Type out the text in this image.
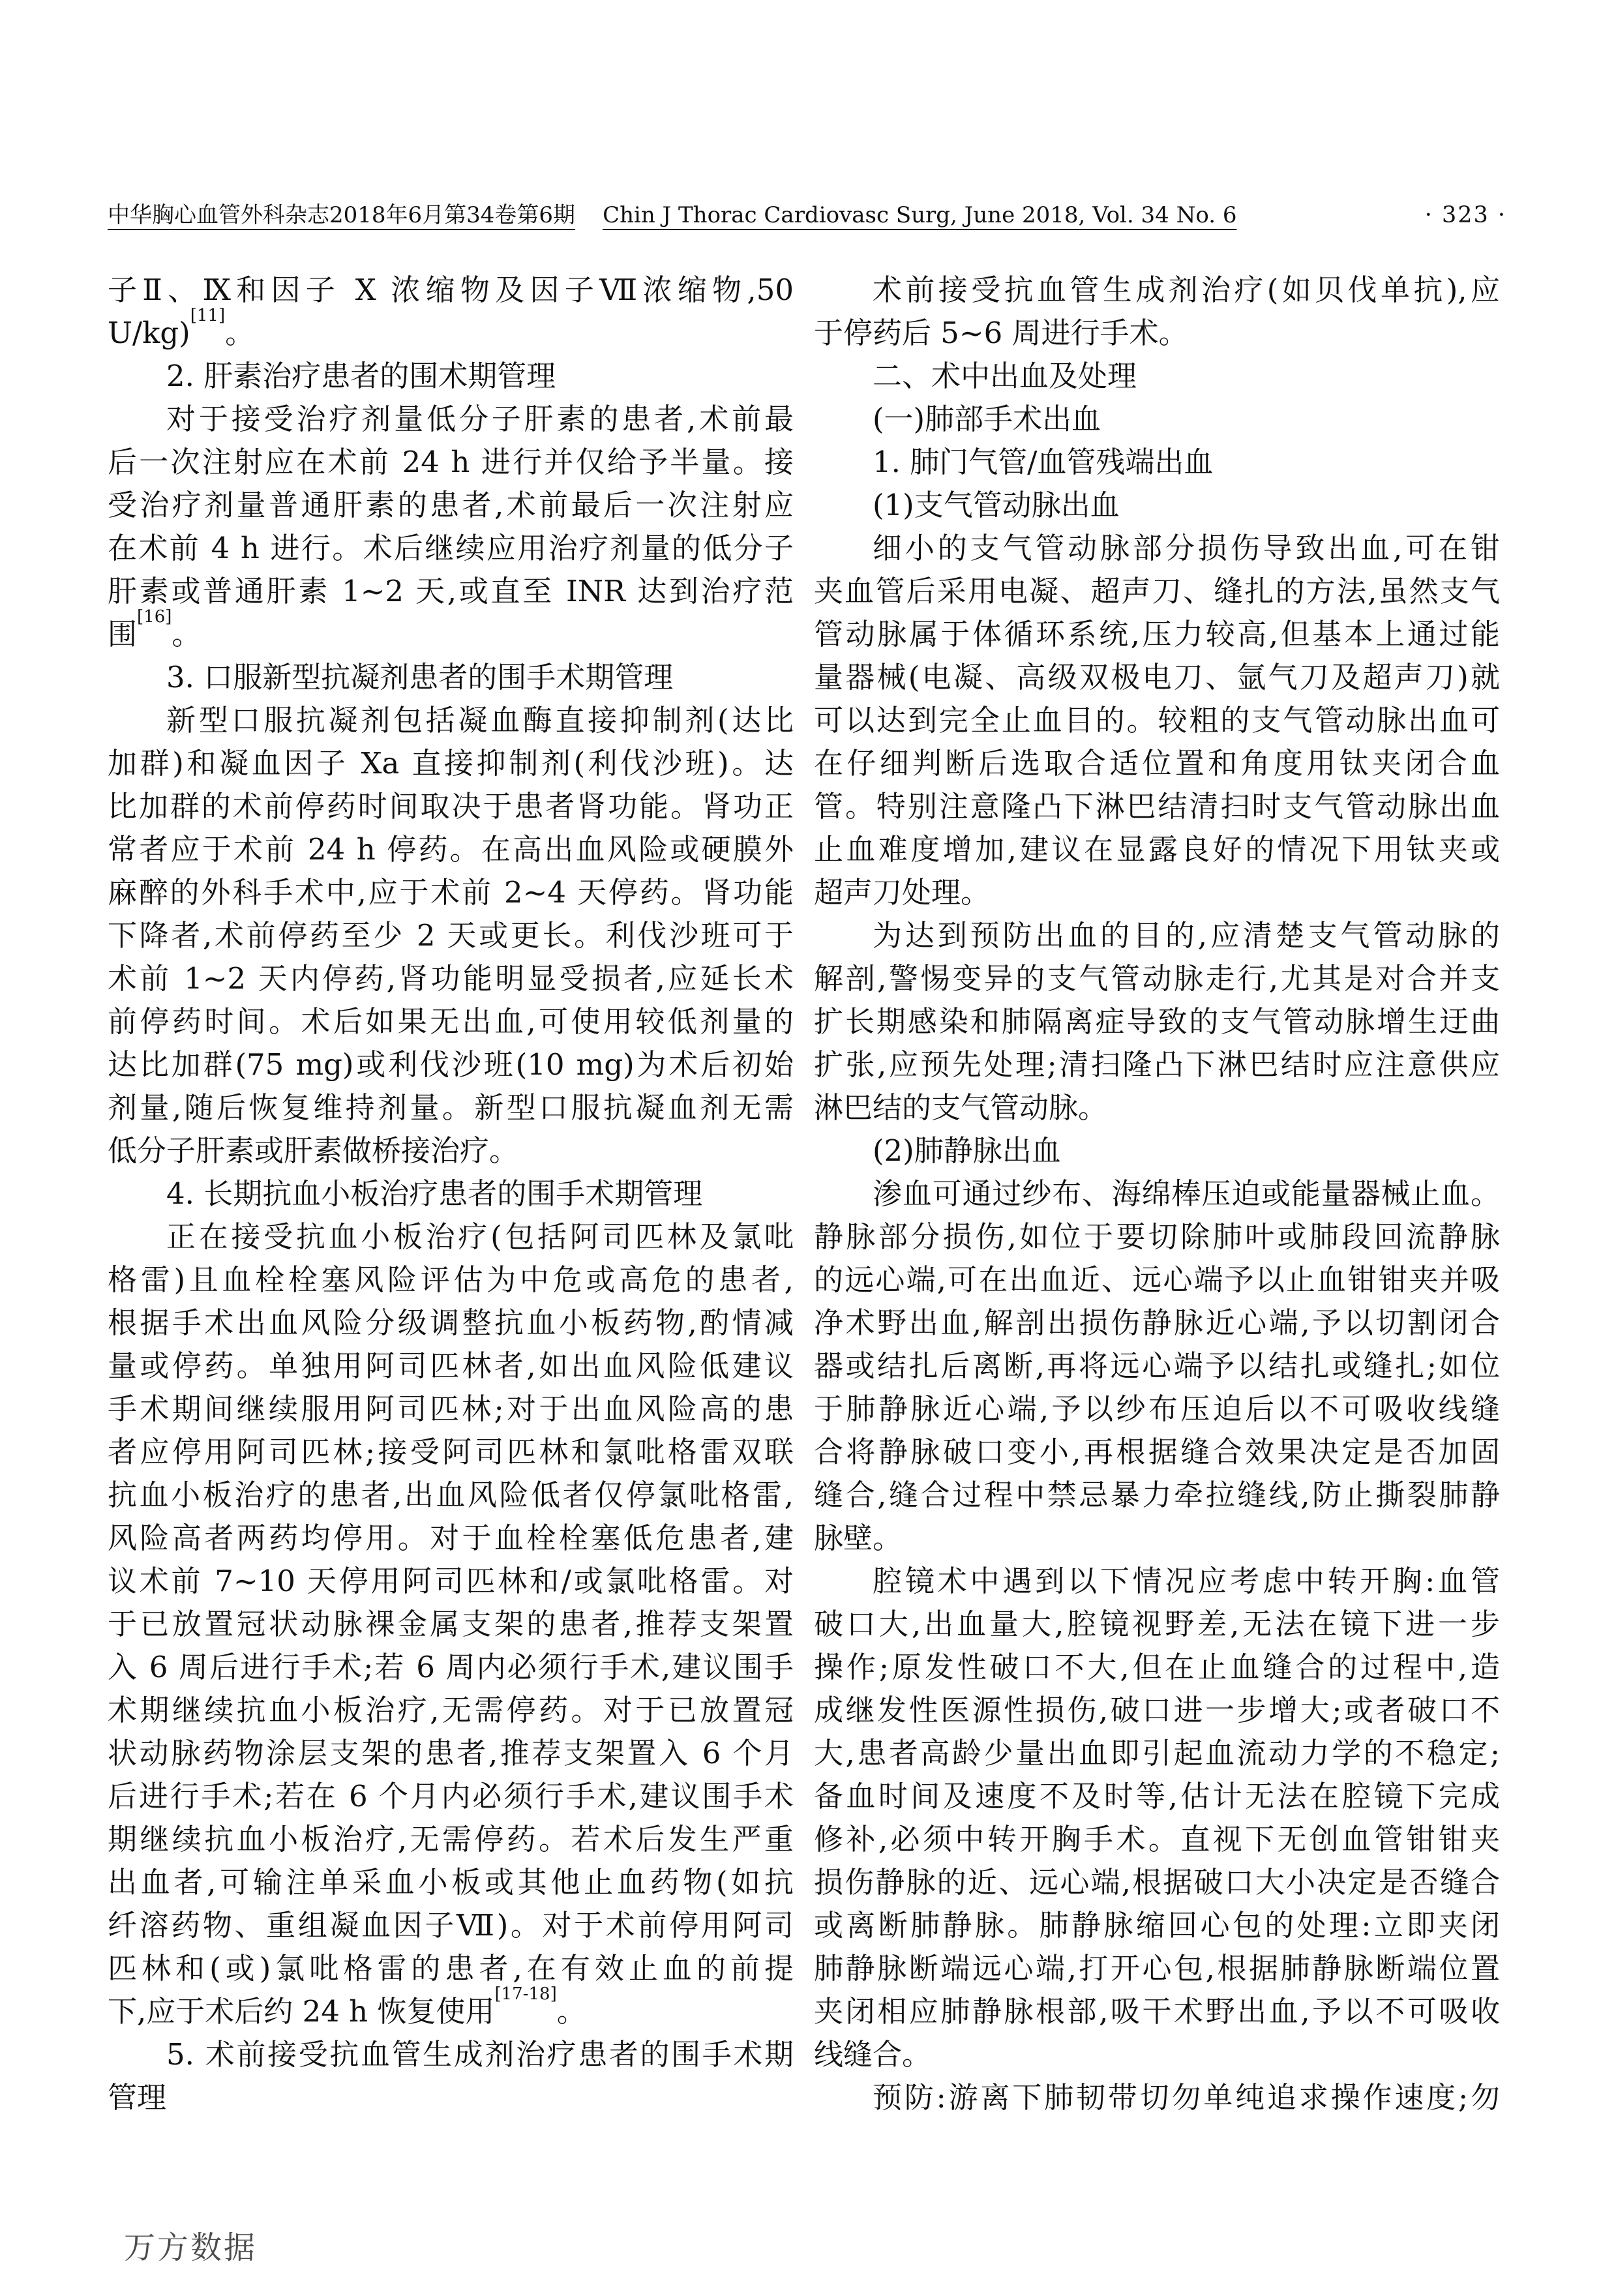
中华胸心血管外科杂志2018年6月第34卷第6期 Chin J Thorac Cardiovasc Surg, June 2018, Vol. 34 No. 6	· 323 ·

子Ⅱ、Ⅸ和因子 X 浓缩物及因子Ⅶ浓缩物,50

U/kg)[11]。

2. 肝素治疗患者的围术期管理

对于接受治疗剂量低分子肝素的患者,术前最

后一次注射应在术前 24 h 进行并仅给予半量。接

受治疗剂量普通肝素的患者,术前最后一次注射应

在术前 4 h 进行。术后继续应用治疗剂量的低分子

肝素或普通肝素 1~2 天,或直至 INR 达到治疗范

围[16]。

3. 口服新型抗凝剂患者的围手术期管理

新型口服抗凝剂包括凝血酶直接抑制剂(达比

加群)和凝血因子 Xa 直接抑制剂(利伐沙班)。达

比加群的术前停药时间取决于患者肾功能。肾功正

常者应于术前 24 h 停药。在高出血风险或硬膜外

麻醉的外科手术中,应于术前 2~4 天停药。肾功能

下降者,术前停药至少 2 天或更长。利伐沙班可于

术前 1~2 天内停药,肾功能明显受损者,应延长术

前停药时间。术后如果无出血,可使用较低剂量的

达比加群(75 mg)或利伐沙班(10 mg)为术后初始

剂量,随后恢复维持剂量。新型口服抗凝血剂无需

低分子肝素或肝素做桥接治疗。

4. 长期抗血小板治疗患者的围手术期管理

正在接受抗血小板治疗(包括阿司匹林及氯吡

格雷)且血栓栓塞风险评估为中危或高危的患者,

根据手术出血风险分级调整抗血小板药物,酌情减

量或停药。单独用阿司匹林者,如出血风险低建议

手术期间继续服用阿司匹林;对于出血风险高的患

者应停用阿司匹林;接受阿司匹林和氯吡格雷双联

抗血小板治疗的患者,出血风险低者仅停氯吡格雷,

风险高者两药均停用。对于血栓栓塞低危患者,建

议术前 7~10 天停用阿司匹林和/或氯吡格雷。对

于已放置冠状动脉裸金属支架的患者,推荐支架置

入 6 周后进行手术;若 6 周内必须行手术,建议围手

术期继续抗血小板治疗,无需停药。对于已放置冠

状动脉药物涂层支架的患者,推荐支架置入 6 个月

后进行手术;若在 6 个月内必须行手术,建议围手术

期继续抗血小板治疗,无需停药。若术后发生严重

出血者,可输注单采血小板或其他止血药物(如抗

纤溶药物、重组凝血因子Ⅶ)。对于术前停用阿司

匹林和(或)氯吡格雷的患者,在有效止血的前提

下,应于术后约 24 h 恢复使用[17-18]。

5. 术前接受抗血管生成剂治疗患者的围手术期

管理

术前接受抗血管生成剂治疗(如贝伐单抗),应

于停药后 5~6 周进行手术。

二、术中出血及处理

(一)肺部手术出血

1. 肺门气管/血管残端出血

(1)支气管动脉出血

细小的支气管动脉部分损伤导致出血,可在钳

夹血管后采用电凝、超声刀、缝扎的方法,虽然支气

管动脉属于体循环系统,压力较高,但基本上通过能

量器械(电凝、高级双极电刀、氩气刀及超声刀)就

可以达到完全止血目的。较粗的支气管动脉出血可

在仔细判断后选取合适位置和角度用钛夹闭合血

管。特别注意隆凸下淋巴结清扫时支气管动脉出血

止血难度增加,建议在显露良好的情况下用钛夹或

超声刀处理。

为达到预防出血的目的,应清楚支气管动脉的

解剖,警惕变异的支气管动脉走行,尤其是对合并支

扩长期感染和肺隔离症导致的支气管动脉增生迂曲

扩张,应预先处理;清扫隆凸下淋巴结时应注意供应

淋巴结的支气管动脉。

(2)肺静脉出血

渗血可通过纱布、海绵棒压迫或能量器械止血。

静脉部分损伤,如位于要切除肺叶或肺段回流静脉

的远心端,可在出血近、远心端予以止血钳钳夹并吸

净术野出血,解剖出损伤静脉近心端,予以切割闭合

器或结扎后离断,再将远心端予以结扎或缝扎;如位

于肺静脉近心端,予以纱布压迫后以不可吸收线缝

合将静脉破口变小,再根据缝合效果决定是否加固

缝合,缝合过程中禁忌暴力牵拉缝线,防止撕裂肺静

脉壁。

腔镜术中遇到以下情况应考虑中转开胸:血管

破口大,出血量大,腔镜视野差,无法在镜下进一步

操作;原发性破口不大,但在止血缝合的过程中,造

成继发性医源性损伤,破口进一步增大;或者破口不

大,患者高龄少量出血即引起血流动力学的不稳定;

备血时间及速度不及时等,估计无法在腔镜下完成

修补,必须中转开胸手术。直视下无创血管钳钳夹

损伤静脉的近、远心端,根据破口大小决定是否缝合

或离断肺静脉。肺静脉缩回心包的处理:立即夹闭

肺静脉断端远心端,打开心包,根据肺静脉断端位置

夹闭相应肺静脉根部,吸干术野出血,予以不可吸收

线缝合。

预防:游离下肺韧带切勿单纯追求操作速度;勿

万方数据
